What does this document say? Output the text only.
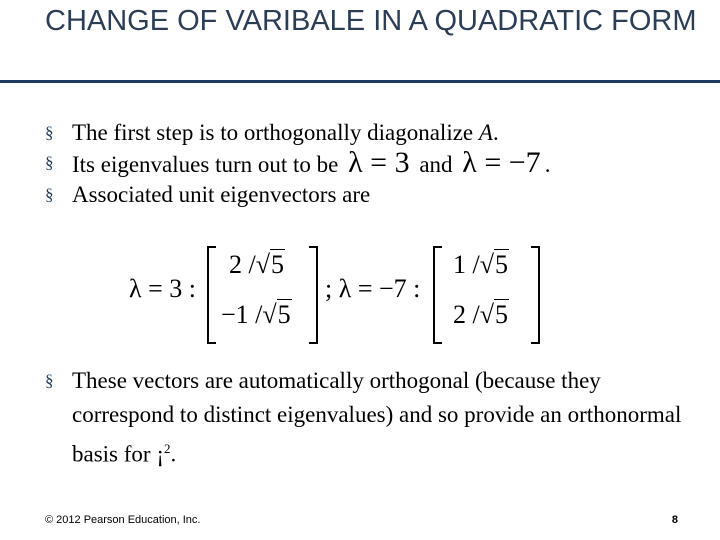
CHANGE OF VARIBALE IN A QUADRATIC FORM
§ The first step is to orthogonally diagonalize A.
§ Its eigenvalues turn out to be λ = 3 and λ = −7 .
§ Associated unit eigenvectors are
λ = 3 :
2 /√5
−1 /√5
; λ = −7 :
1 /√5
2 /√5
§ These vectors are automatically orthogonal (because they correspond to distinct eigenvalues) and so provide an orthonormal basis for ¡$^2$.
© 2012 Pearson Education, Inc.	8
